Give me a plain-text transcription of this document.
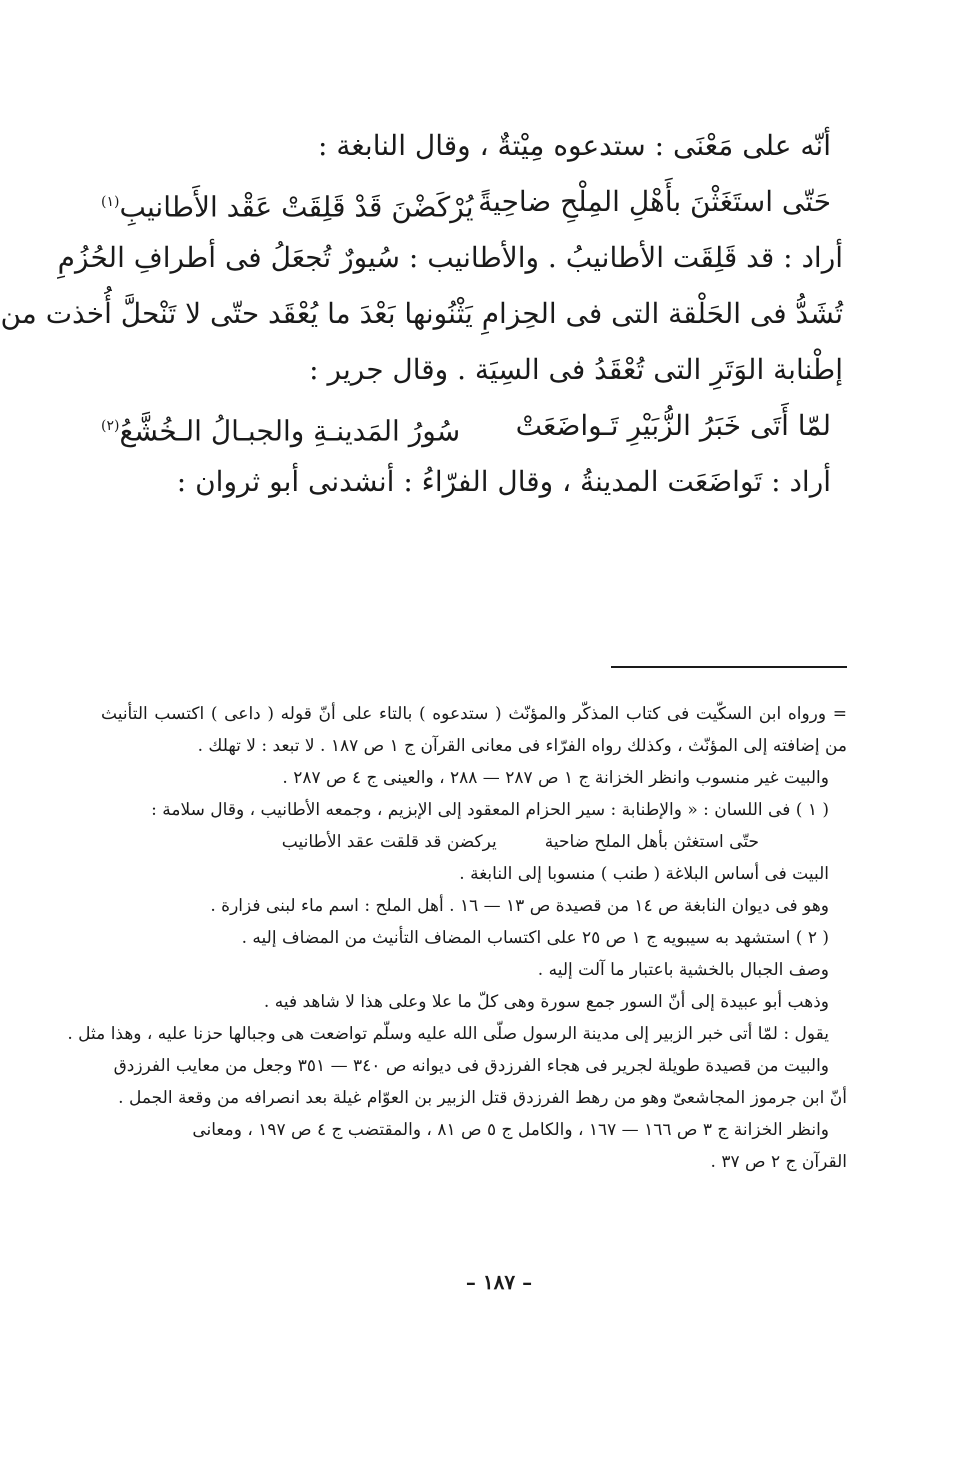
أنّه على مَعْنَى : ستدعوه مِيْتةٌ ، وقال النابغة :
حَتّى استَغَثْنَ بأَهْلِ المِلْحِ ضاحِيةً
يُرْكَضْنَ قَدْ قَلِقَتْ عَقْد الأَطانيبِ$^{(١)}$
أراد : قد قَلِقَت الأطانيبُ . والأطانيب : سُيورٌ تُجعَلُ فى أطرافِ الحُزُمِ
تُشَدُّ فى الحَلْقة التى فى الحِزامِ يَثْنُونها بَعْدَ ما يُعْقَد حتّى لا تَنْحلَّ أُخذت من
إطْنابة الوَتَرِ التى تُعْقَدُ فى السِيَة . وقال جرير :
لمّا أَتَى خَبَرُ الزُّبَيْرِ تَـواضَعَتْ
سُورُ المَدينـةِ والجبـالُ الـخُشَّعُ$^{(٢)}$
أراد : تَواضَعَت المدينةُ ، وقال الفرّاءُ : أنشدنى أبو ثروان :
= ورواه ابن السكّيت فى كتاب المذكّر والمؤنّث ( ستدعوه ) بالتاء على أنّ قوله ( داعى ) اكتسب التأنيث
من إضافته إلى المؤنّث ، وكذلك رواه الفرّاء فى معانى القرآن ج ١ ص ١٨٧ . لا تبعد : لا تهلك .
والبيت غير منسوب وانظر الخزانة ج ١ ص ٢٨٧ — ٢٨٨ ، والعينى ج ٤ ص ٢٨٧ .
( ١ ) فى اللسان : « والإطنابة : سير الحزام المعقود إلى الإبزيم ، وجمعه الأطانيب ، وقال سلامة :
حتّى استغثن بأهل الملح ضاحية
يركضن قد قلقت عقد الأطانيب
البيت فى أساس البلاغة ( طنب ) منسوبا إلى النابغة .
وهو فى ديوان النابغة ص ١٤ من قصيدة ص ١٣ — ١٦ . أهل الملح : اسم ماء لبنى فزارة .
( ٢ ) استشهد به سيبويه ج ١ ص ٢٥ على اكتساب المضاف التأنيث من المضاف إليه .
وصف الجبال بالخشية باعتبار ما آلت إليه .
وذهب أبو عبيدة إلى أنّ السور جمع سورة وهى كلّ ما علا وعلى هذا لا شاهد فيه .
يقول : لمّا أتى خبر الزبير إلى مدينة الرسول صلّى الله عليه وسلّم تواضعت هى وجبالها حزنا عليه ، وهذا مثل .
والبيت من قصيدة طويلة لجرير فى هجاء الفرزدق فى ديوانه ص ٣٤٠ — ٣٥١ وجعل من معايب الفرزدق
أنّ ابن جرموز المجاشعىّ وهو من رهط الفرزدق قتل الزبير بن العوّام غيلة بعد انصرافه من وقعة الجمل .
وانظر الخزانة ج ٣ ص ١٦٦ — ١٦٧ ، والكامل ج ٥ ص ٨١ ، والمقتضب ج ٤ ص ١٩٧ ، ومعانى
القرآن ج ٢ ص ٣٧ .
– ١٨٧ –
